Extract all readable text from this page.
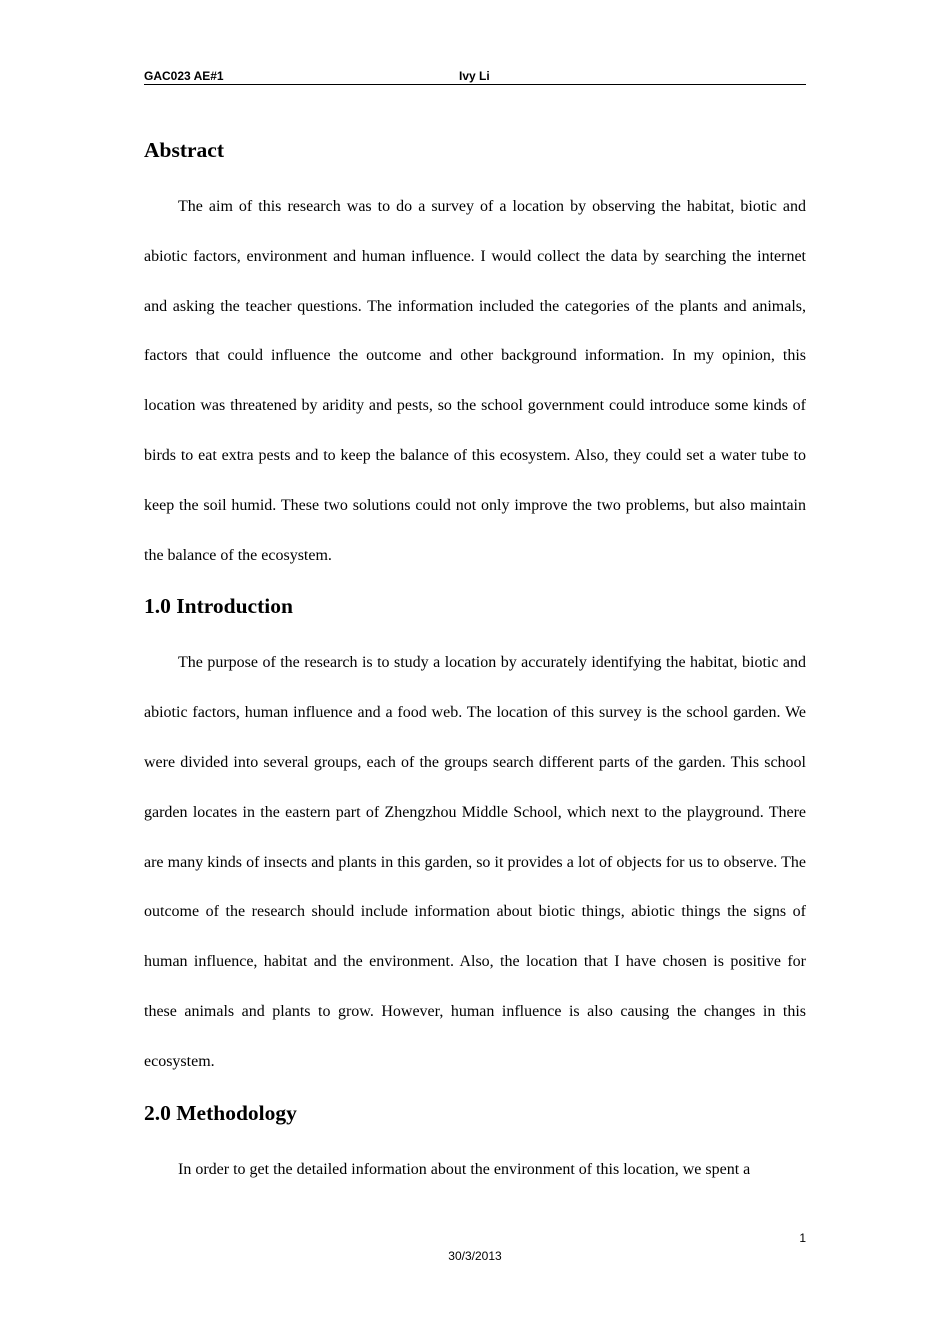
GAC023 AE#1	Ivy Li
Abstract

The aim of this research was to do a survey of a location by observing the habitat, biotic and abiotic factors, environment and human influence. I would collect the data by searching the internet and asking the teacher questions. The information included the categories of the plants and animals, factors that could influence the outcome and other background information. In my opinion, this location was threatened by aridity and pests, so the school government could introduce some kinds of birds to eat extra pests and to keep the balance of this ecosystem. Also, they could set a water tube to keep the soil humid. These two solutions could not only improve the two problems, but also maintain the balance of the ecosystem.

1.0 Introduction

The purpose of the research is to study a location by accurately identifying the habitat, biotic and abiotic factors, human influence and a food web. The location of this survey is the school garden. We were divided into several groups, each of the groups search different parts of the garden. This school garden locates in the eastern part of Zhengzhou Middle School, which next to the playground. There are many kinds of insects and plants in this garden, so it provides a lot of objects for us to observe. The outcome of the research should include information about biotic things, abiotic things the signs of human influence, habitat and the environment. Also, the location that I have chosen is positive for these animals and plants to grow. However, human influence is also causing the changes in this ecosystem.

2.0 Methodology

In order to get the detailed information about the environment of this location, we spent a

1
30/3/2013
